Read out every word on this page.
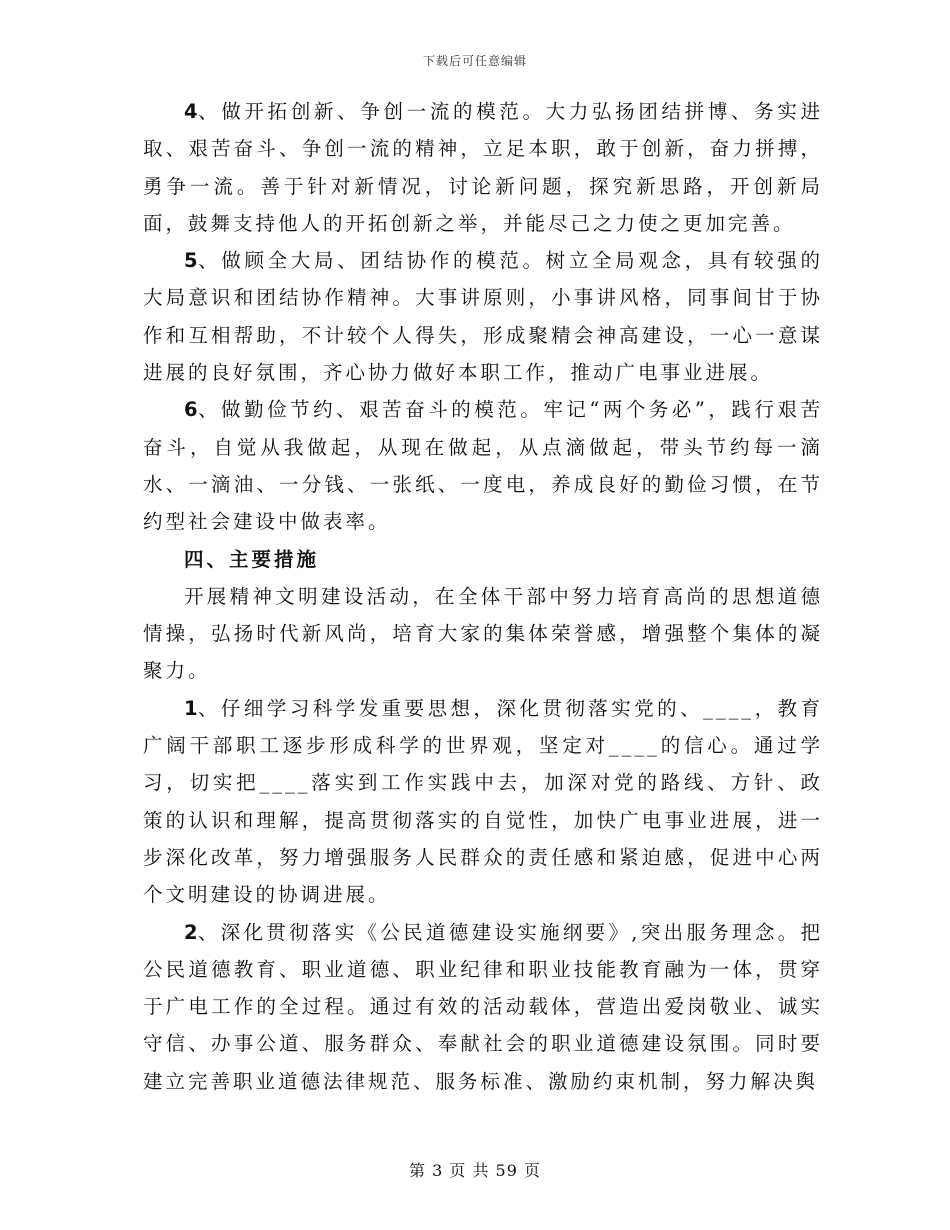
下载后可任意编辑

4、做开拓创新、争创一流的模范。大力弘扬团结拼博、务实进取、艰苦奋斗、争创一流的精神，立足本职，敢于创新，奋力拼搏，勇争一流。善于针对新情况，讨论新问题，探究新思路，开创新局面，鼓舞支持他人的开拓创新之举，并能尽己之力使之更加完善。

5、做顾全大局、团结协作的模范。树立全局观念，具有较强的大局意识和团结协作精神。大事讲原则，小事讲风格，同事间甘于协作和互相帮助，不计较个人得失，形成聚精会神高建设，一心一意谋进展的良好氛围，齐心协力做好本职工作，推动广电事业进展。

6、做勤俭节约、艰苦奋斗的模范。牢记“两个务必”，践行艰苦奋斗，自觉从我做起，从现在做起，从点滴做起，带头节约每一滴水、一滴油、一分钱、一张纸、一度电，养成良好的勤俭习惯，在节约型社会建设中做表率。

四、主要措施

开展精神文明建设活动，在全体干部中努力培育高尚的思想道德情操，弘扬时代新风尚，培育大家的集体荣誉感，增强整个集体的凝聚力。

1、仔细学习科学发重要思想，深化贯彻落实党的、____，教育广阔干部职工逐步形成科学的世界观，坚定对____的信心。通过学习，切实把____落实到工作实践中去，加深对党的路线、方针、政策的认识和理解，提高贯彻落实的自觉性，加快广电事业进展，进一步深化改革，努力增强服务人民群众的责任感和紧迫感，促进中心两个文明建设的协调进展。

2、深化贯彻落实《公民道德建设实施纲要》,突出服务理念。把公民道德教育、职业道德、职业纪律和职业技能教育融为一体，贯穿于广电工作的全过程。通过有效的活动载体，营造出爱岗敬业、诚实守信、办事公道、服务群众、奉献社会的职业道德建设氛围。同时要建立完善职业道德法律规范、服务标准、激励约束机制，努力解决舆

第 3 页 共 59 页
